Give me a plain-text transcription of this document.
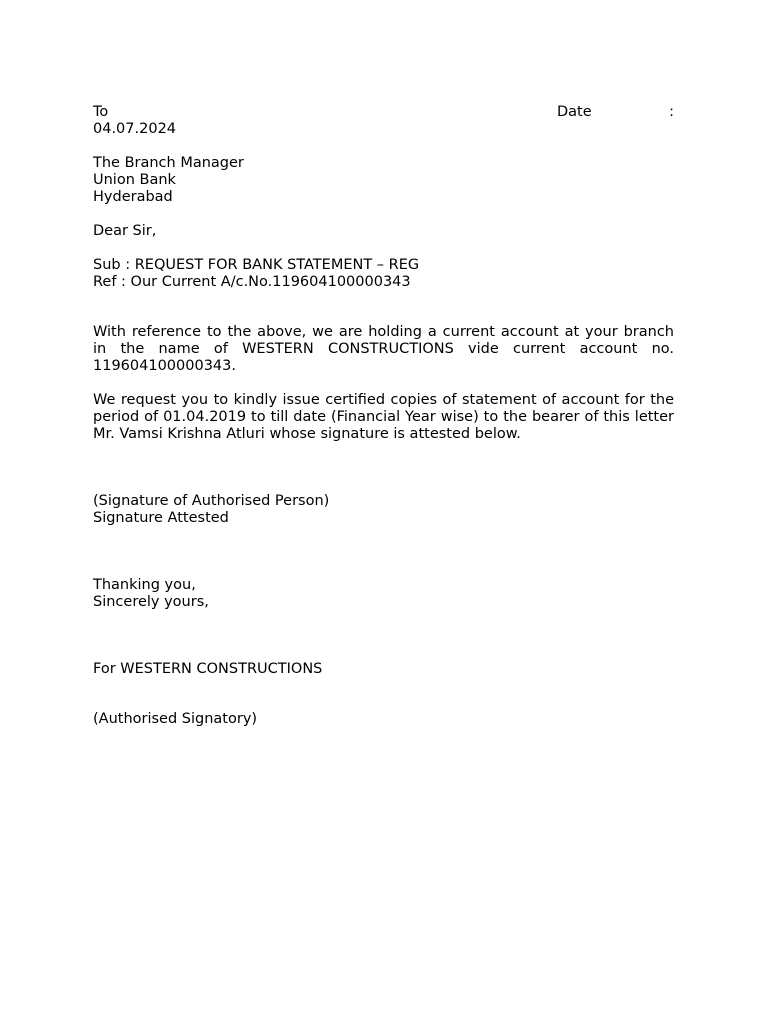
To	Date	:
04.07.2024
The Branch Manager
Union Bank
Hyderabad
Dear Sir,
Sub : REQUEST FOR BANK STATEMENT – REG
Ref : Our Current A/c.No.119604100000343

With reference to the above, we are holding a current account at your branch in the name of WESTERN CONSTRUCTIONS vide current account no. 119604100000343.

We request you to kindly issue certified copies of statement of account for the period of 01.04.2019 to till date (Financial Year wise) to the bearer of this letter Mr. Vamsi Krishna Atluri whose signature is attested below.

(Signature of Authorised Person)
Signature Attested
Thanking you,
Sincerely yours,
For WESTERN CONSTRUCTIONS
(Authorised Signatory)
